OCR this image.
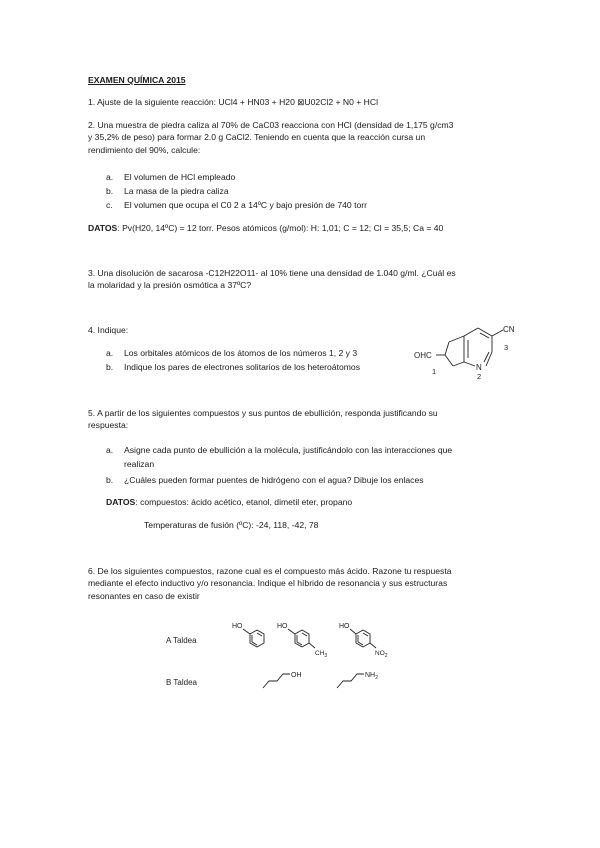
EXAMEN QUÍMICA 2015
1. Ajuste de la siguiente reacción: UCl4 + HN03 + H20 ⊠U02Cl2 + N0 + HCl
2. Una muestra de piedra caliza al 70% de CaC03 reacciona con HCl (densidad de 1,175 g/cm3
y 35,2% de peso) para formar 2.0 g CaCl2. Teniendo en cuenta que la reacción cursa un
rendimiento del 90%, calcule:
a. El volumen de HCl empleado
b. La masa de la piedra caliza
c. El volumen que ocupa el C0 2 a 14ºC y bajo presión de 740 torr
DATOS: Pv(H20, 14ºC) = 12 torr. Pesos atómicos (g/mol): H: 1,01; C = 12; Cl = 35,5; Ca = 40
3. Una disolución de sacarosa -C12H22O11- al 10% tiene una densidad de 1.040 g/ml. ¿Cuál es
la molaridad y la presión osmótica a 37ºC?
4. Indique:
a. Los orbitales atómicos de los átomos de los números 1, 2 y 3
b. Indique los pares de electrones solitarios de los heteroátomos
OHC
CN
N
1
2
3
5. A partir de los siguientes compuestos y sus puntos de ebullición, responda justificando su
respuesta:
a. Asigne cada punto de ebullición a la molécula, justificándolo con las interacciones que
realizan
b. ¿Cuáles pueden formar puentes de hidrógeno con el agua? Dibuje los enlaces
DATOS: compuestos: ácido acético, etanol, dimetil eter, propano
Temperaturas de fusión (ºC): -24, 118, -42, 78
6. De los siguientes compuestos, razone cual es el compuesto más ácido. Razone tu respuesta
mediante el efecto inductivo y/o resonancia. Indique el híbrido de resonancia y sus estructuras
resonantes en caso de existir
A Taldea
B Taldea
HO	HO
$CH_3$
HO
$NO_2$
OH	$NH_2$
